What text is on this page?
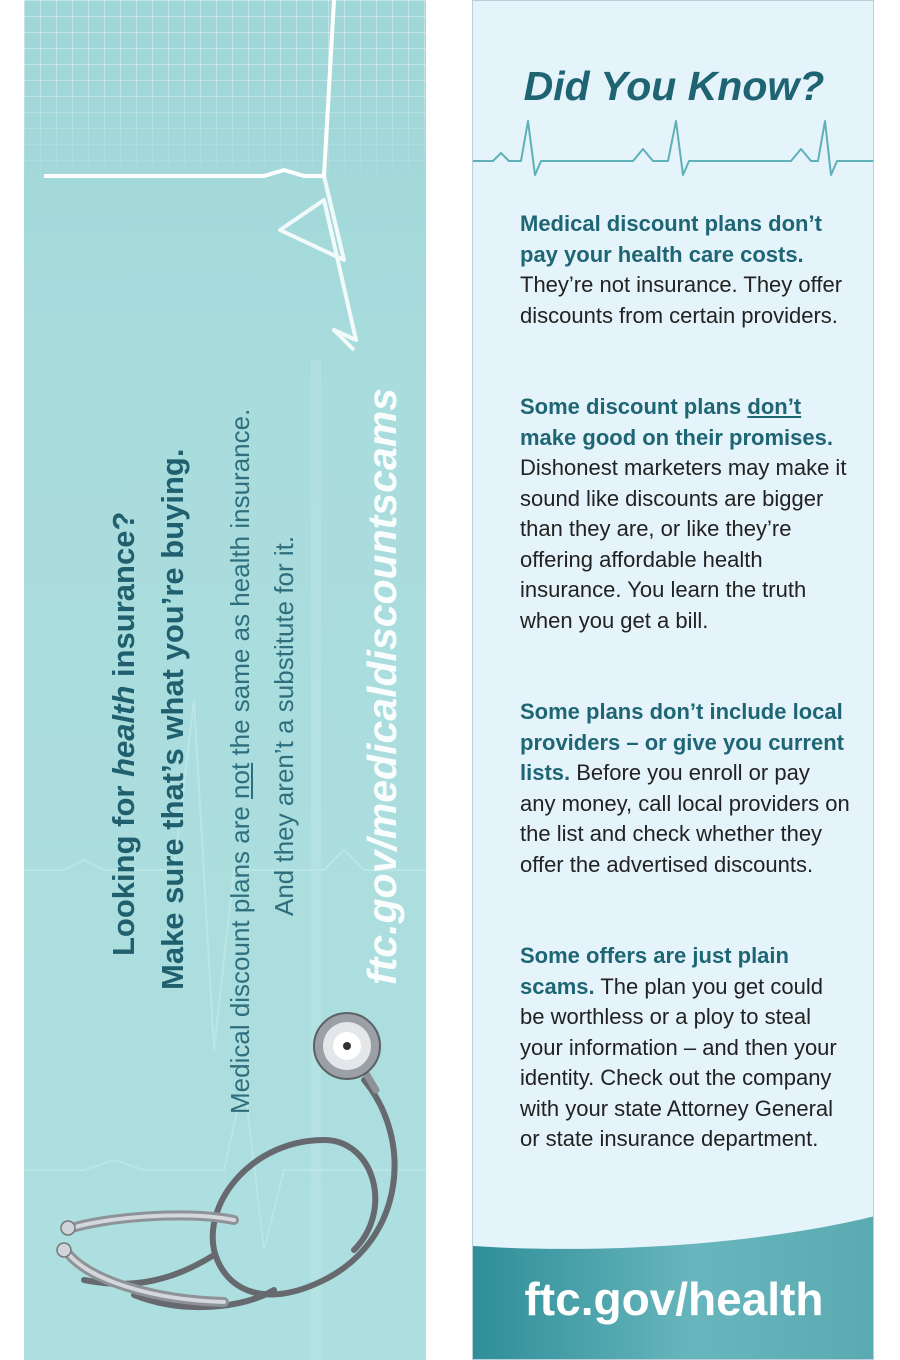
Looking for health insurance? Make sure that’s what you’re buying. Medical discount plans are not the same as health insurance. And they aren’t a substitute for it. ftc.gov/medicaldiscountscams
Did You Know?
Medical discount plans don’t pay your health care costs. They’re not insurance. They offer discounts from certain providers.
Some discount plans don’t make good on their promises. Dishonest marketers may make it sound like discounts are bigger than they are, or like they’re offering affordable health insurance. You learn the truth when you get a bill.
Some plans don’t include local providers – or give you current lists. Before you enroll or pay any money, call local providers on the list and check whether they offer the advertised discounts.
Some offers are just plain scams. The plan you get could be worthless or a ploy to steal your information – and then your identity. Check out the company with your state Attorney General or state insurance department.
ftc.gov/health
